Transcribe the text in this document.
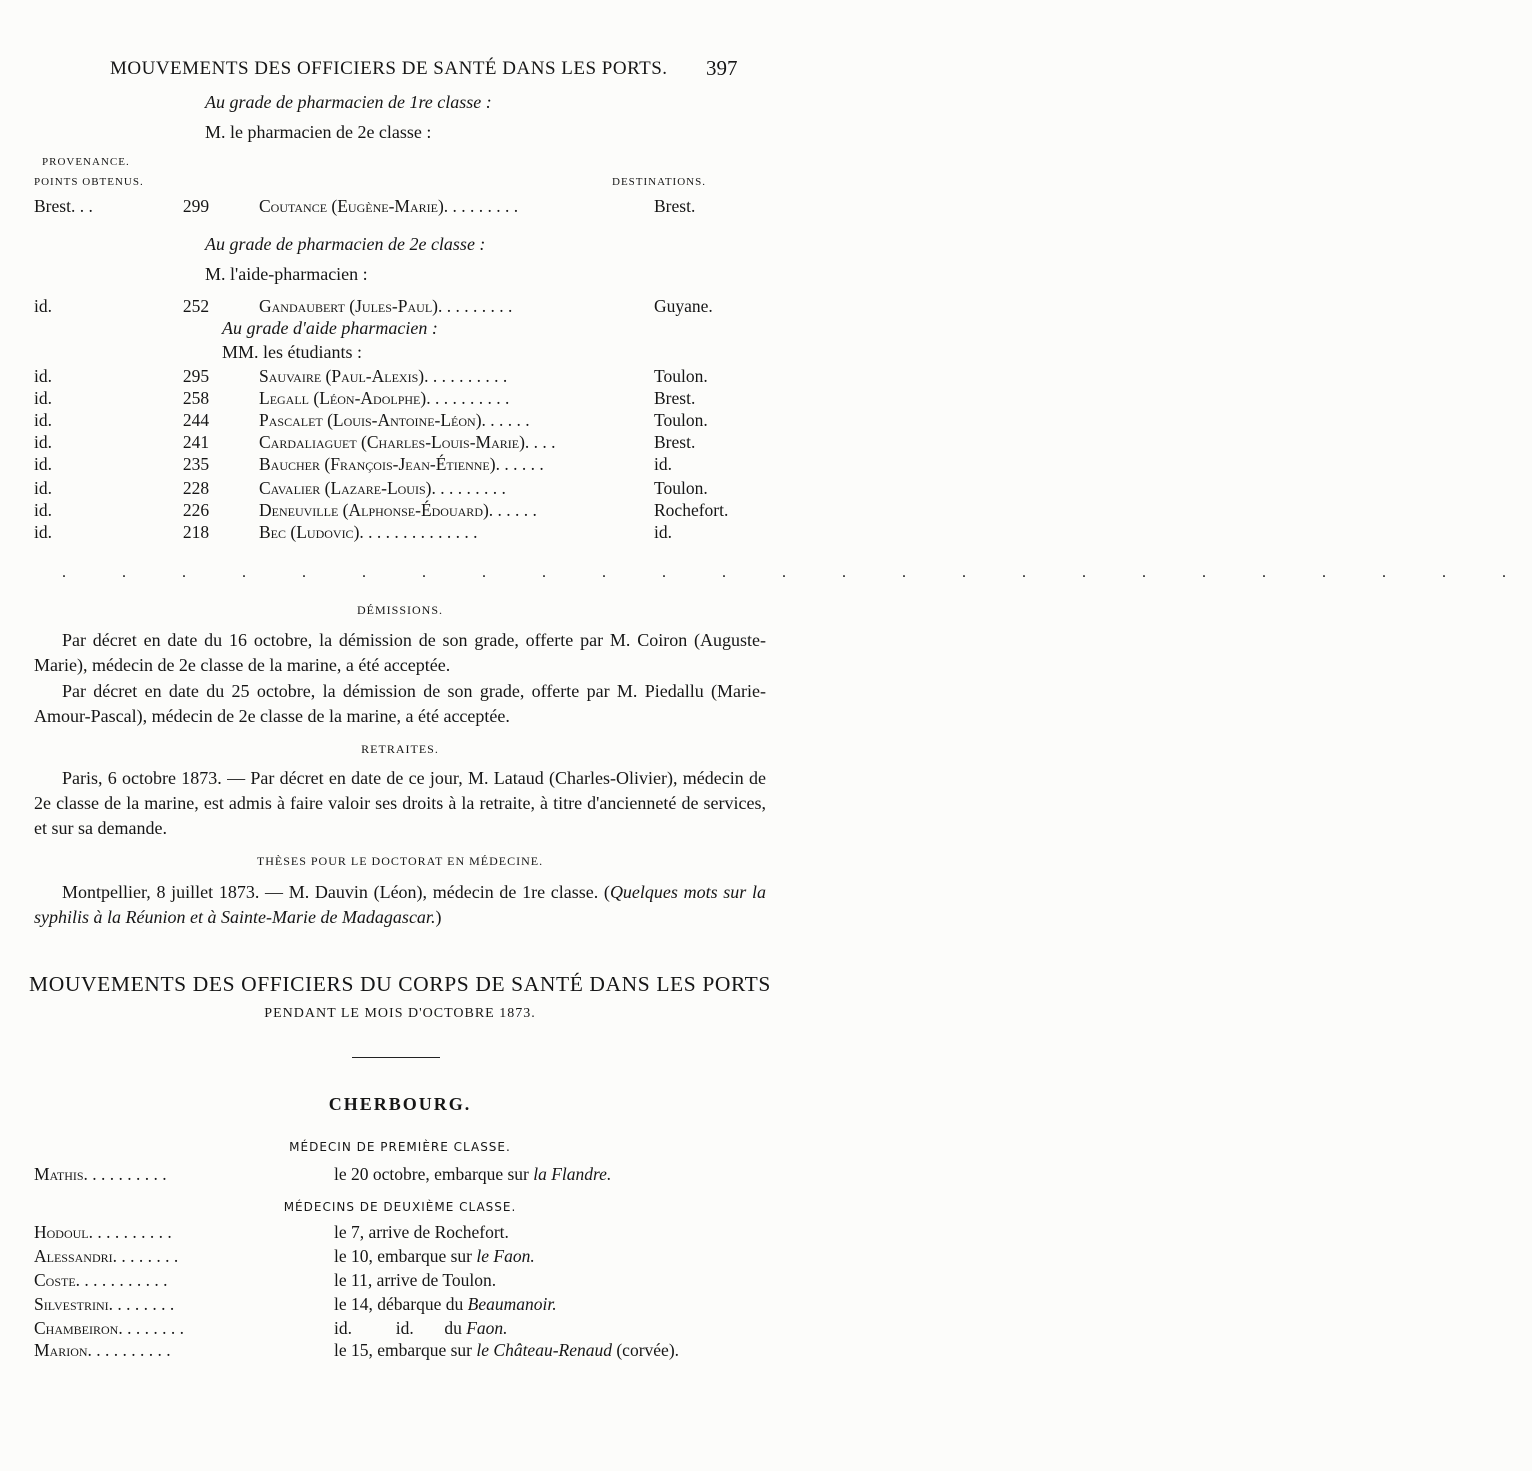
MOUVEMENTS DES OFFICIERS DE SANTÉ DANS LES PORTS. 397
Au grade de pharmacien de 1re classe :
M. le pharmacien de 2e classe :
PROVENANCE.
POINTS OBTENUS.	DESTINATIONS.
Brest. . .	299	Coutance (Eugène-Marie). . . . . . . . .	Brest.
Au grade de pharmacien de 2e classe :
M. l'aide-pharmacien :
id.	252	Gandaubert (Jules-Paul). . . . . . . . .	Guyane.
Au grade d'aide pharmacien :
MM. les étudiants :
id.	295	Sauvaire (Paul-Alexis). . . . . . . . . .	Toulon.
id.	258	Legall (Léon-Adolphe). . . . . . . . . .	Brest.
id.	244	Pascalet (Louis-Antoine-Léon). . . . . .	Toulon.
id.	241	Cardaliaguet (Charles-Louis-Marie). . . .	Brest.
id.	235	Baucher (François-Jean-Étienne). . . . . .	id.
id.	228	Cavalier (Lazare-Louis). . . . . . . . .	Toulon.
id.	226	Deneuville (Alphonse-Édouard). . . . . .	Rochefort.
id.	218	Bec (Ludovic). . . . . . . . . . . . . .	id.
. . . . . . . . . . . . . . . . . . . . . . . . .
DÉMISSIONS.
Par décret en date du 16 octobre, la démission de son grade, offerte par M. Coiron (Auguste-Marie), médecin de 2e classe de la marine, a été acceptée.
Par décret en date du 25 octobre, la démission de son grade, offerte par M. Piedallu (Marie-Amour-Pascal), médecin de 2e classe de la marine, a été acceptée.
RETRAITES.
Paris, 6 octobre 1873. — Par décret en date de ce jour, M. Lataud (Charles-Olivier), médecin de 2e classe de la marine, est admis à faire valoir ses droits à la retraite, à titre d'ancienneté de services, et sur sa demande.
THÈSES POUR LE DOCTORAT EN MÉDECINE.
Montpellier, 8 juillet 1873. — M. Dauvin (Léon), médecin de 1re classe. (Quelques mots sur la syphilis à la Réunion et à Sainte-Marie de Madagascar.)
MOUVEMENTS DES OFFICIERS DU CORPS DE SANTÉ DANS LES PORTS
PENDANT LE MOIS D'OCTOBRE 1873.
CHERBOURG.
MÉDECIN DE PREMIÈRE CLASSE.
Mathis. . . . . . . . . .	le 20 octobre, embarque sur la Flandre.
MÉDECINS DE DEUXIÈME CLASSE.
Hodoul. . . . . . . . . .	le 7, arrive de Rochefort.
Alessandri. . . . . . . .	le 10, embarque sur le Faon.
Coste. . . . . . . . . . .	le 11, arrive de Toulon.
Silvestrini. . . . . . . .	le 14, débarque du Beaumanoir.
Chambeiron. . . . . . . .	id.          id.       du Faon.
Marion. . . . . . . . . .	le 15, embarque sur le Château-Renaud (corvée).
